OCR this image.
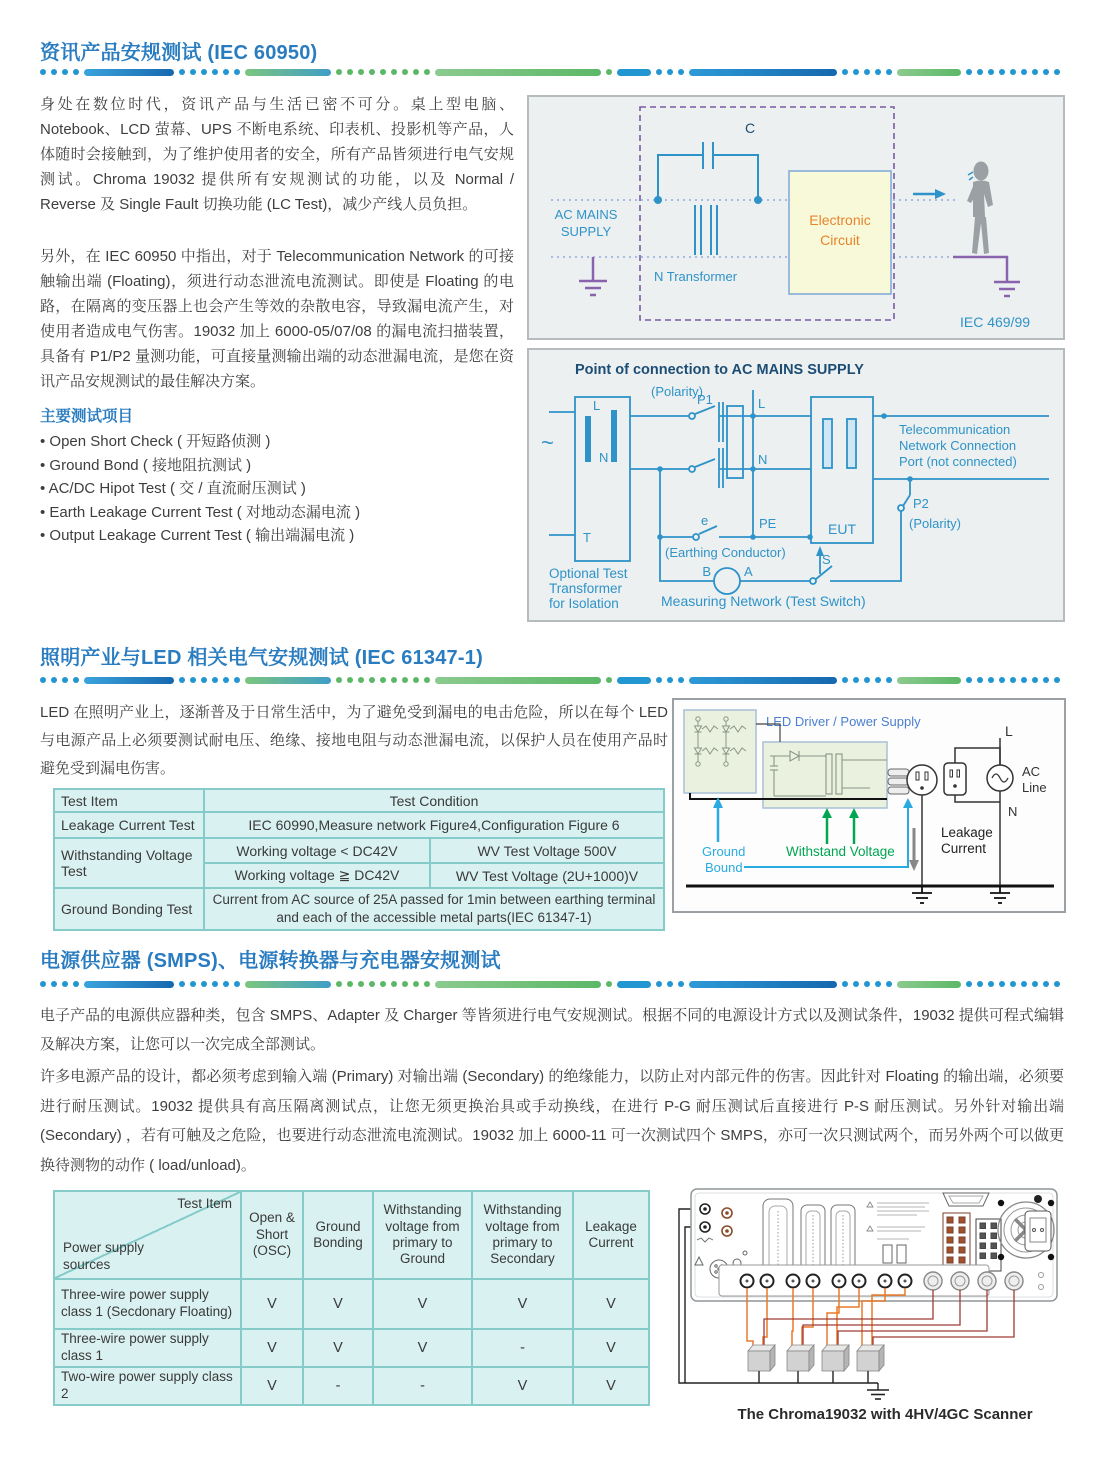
资讯产品安规测试 (IEC 60950)
身处在数位时代，资讯产品与生活已密不可分。桌上型电脑、Notebook、LCD 萤幕、UPS 不断电系统、印表机、投影机等产品，人体随时会接触到，为了维护使用者的安全，所有产品皆须进行电气安规测试。Chroma 19032 提供所有安规测试的功能，以及 Normal / Reverse 及 Single Fault 切换功能 (LC Test)，减少产线人员负担。
另外，在 IEC 60950 中指出，对于 Telecommunication Network 的可接触输出端 (Floating)，须进行动态泄流电流测试。即使是 Floating 的电路，在隔离的变压器上也会产生等效的杂散电容，导致漏电流产生，对使用者造成电气伤害。19032 加上 6000-05/07/08 的漏电流扫描装置，具备有 P1/P2 量测功能，可直接量测输出端的动态泄漏电流，是您在资讯产品安规测试的最佳解决方案。
主要测试项目
• Open Short Check ( 开短路侦测 )
• Ground Bond ( 接地阻抗测试 )
• AC/DC Hipot Test ( 交 / 直流耐压测试 )
• Earth Leakage Current Test ( 对地动态漏电流 )
• Output Leakage Current Test ( 输出端漏电流 )
C
N Transformer
Electronic
Circuit
AC MAINS
SUPPLY
IEC 469/99
Point of connection to AC MAINS SUPPLY
(Polarity)
~
L
N
T
P1	L
N
EUT
Telecommunication
Network Connection
Port (not connected)
P2
(Polarity)
e	PE
(Earthing Conductor)
B	A
S
Optional Test
Transformer
for Isolation	Measuring Network (Test Switch)
照明产业与LED 相关电气安规测试 (IEC 61347-1)
LED 在照明产业上，逐渐普及于日常生活中，为了避免受到漏电的电击危险，所以在每个 LED 与电源产品上必须要测试耐电压、绝缘、接地电阻与动态泄漏电流，以保护人员在使用产品时避免受到漏电伤害。
Test Item	Test Condition	
Leakage Current Test	IEC 60990,Measure network Figure4,Configuration Figure 6	
Withstanding Voltage Test	Working voltage < DC42V	WV Test Voltage 500V
	Working voltage ≧ DC42V	WV Test Voltage (2U+1000)V
Ground Bonding Test	Current from AC source of 25A passed for 1min between earthing terminal and each of the accessible metal parts(IEC 61347-1)	
LED Driver / Power Supply
L
AC
Line
N
Leakage
Current
Ground
Bound
Withstand Voltage
电源供应器 (SMPS)、电源转换器与充电器安规测试
电子产品的电源供应器种类，包含 SMPS、Adapter 及 Charger 等皆须进行电气安规测试。根据不同的电源设计方式以及测试条件，19032 提供可程式编辑及解决方案，让您可以一次完成全部测试。
许多电源产品的设计，都必须考虑到输入端 (Primary) 对输出端 (Secondary) 的绝缘能力，以防止对内部元件的伤害。因此针对 Floating 的输出端，必须要进行耐压测试。19032 提供具有高压隔离测试点，让您无须更换治具或手动换线，在进行 P-G 耐压测试后直接进行 P-S 耐压测试。另外针对输出端 (Secondary) ，若有可触及之危险，也要进行动态泄流电流测试。19032 加上 6000-11 可一次测试四个 SMPS，亦可一次只测试两个，而另外两个可以做更换待测物的动作 ( load/unload)。
Test Item
Power supply sources	Open & Short (OSC)	Ground Bonding	Withstanding voltage from primary to Ground	Withstanding voltage from primary to Secondary	Leakage Current
Three-wire power supply class 1 (Secdonary Floating)	V	V	V	V	V
Three-wire power supply class 1	V	V	V	-	V
Two-wire power supply class 2	V	-	-	V	V
The Chroma19032 with 4HV/4GC Scanner
